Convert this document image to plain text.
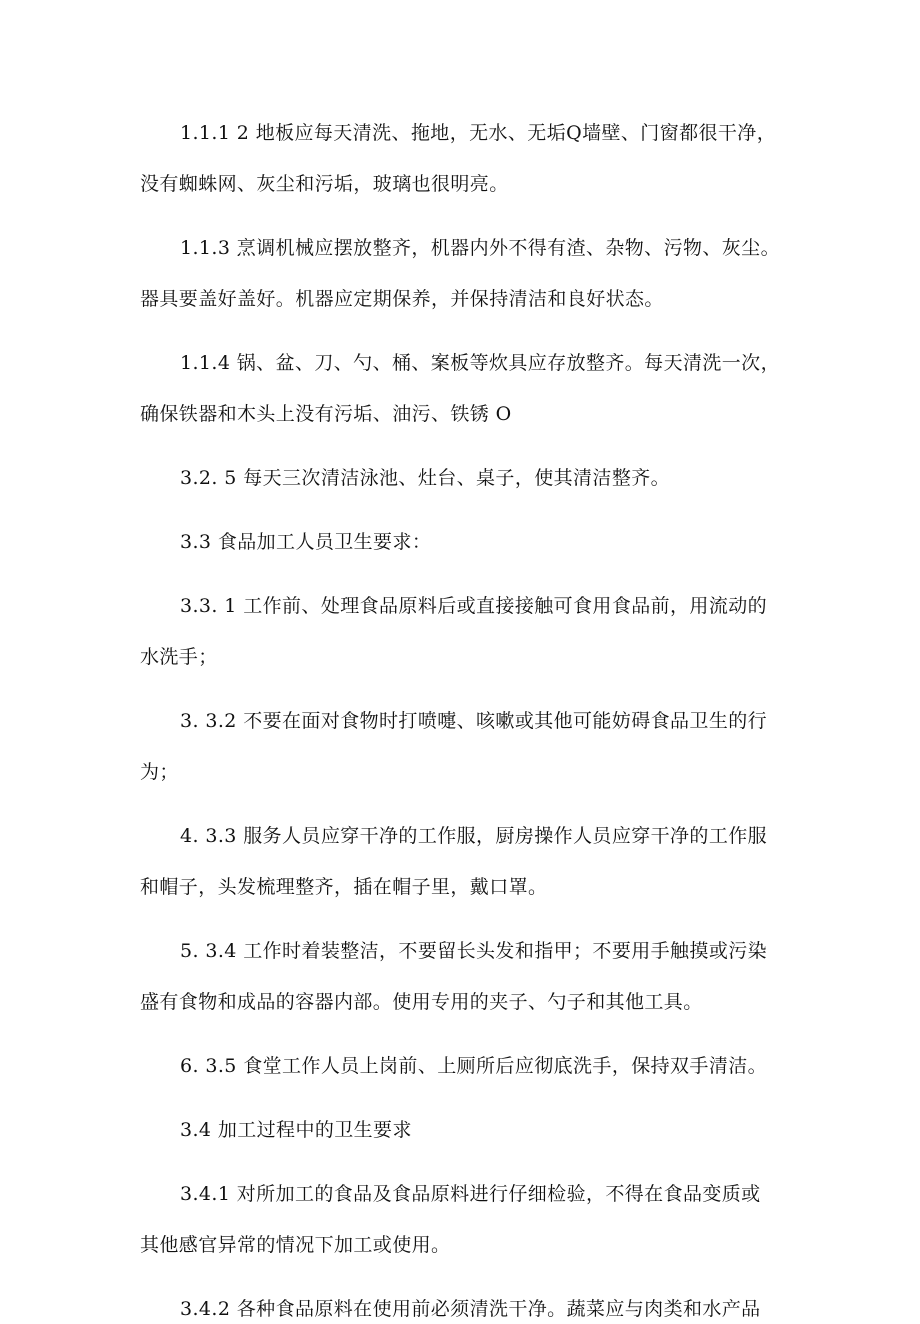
1.1.1 2 地板应每天清洗、拖地，无水、无垢Q墙壁、门窗都很干净，
没有蜘蛛网、灰尘和污垢，玻璃也很明亮。
1.1.3 烹调机械应摆放整齐，机器内外不得有渣、杂物、污物、灰尘。
器具要盖好盖好。机器应定期保养，并保持清洁和良好状态。
1.1.4 锅、盆、刀、勺、桶、案板等炊具应存放整齐。每天清洗一次，
确保铁器和木头上没有污垢、油污、铁锈 O
3.2. 5 每天三次清洁泳池、灶台、桌子，使其清洁整齐。
3.3 食品加工人员卫生要求：
3.3. 1 工作前、处理食品原料后或直接接触可食用食品前，用流动的
水洗手；
3. 3.2 不要在面对食物时打喷嚏、咳嗽或其他可能妨碍食品卫生的行
为；
4. 3.3 服务人员应穿干净的工作服，厨房操作人员应穿干净的工作服
和帽子，头发梳理整齐，插在帽子里，戴口罩。
5. 3.4 工作时着装整洁，不要留长头发和指甲；不要用手触摸或污染
盛有食物和成品的容器内部。使用专用的夹子、勺子和其他工具。
6. 3.5 食堂工作人员上岗前、上厕所后应彻底洗手，保持双手清洁。
3.4 加工过程中的卫生要求
3.4.1 对所加工的食品及食品原料进行仔细检验，不得在食品变质或
其他感官异常的情况下加工或使用。
3.4.2 各种食品原料在使用前必须清洗干净。蔬菜应与肉类和水产品
